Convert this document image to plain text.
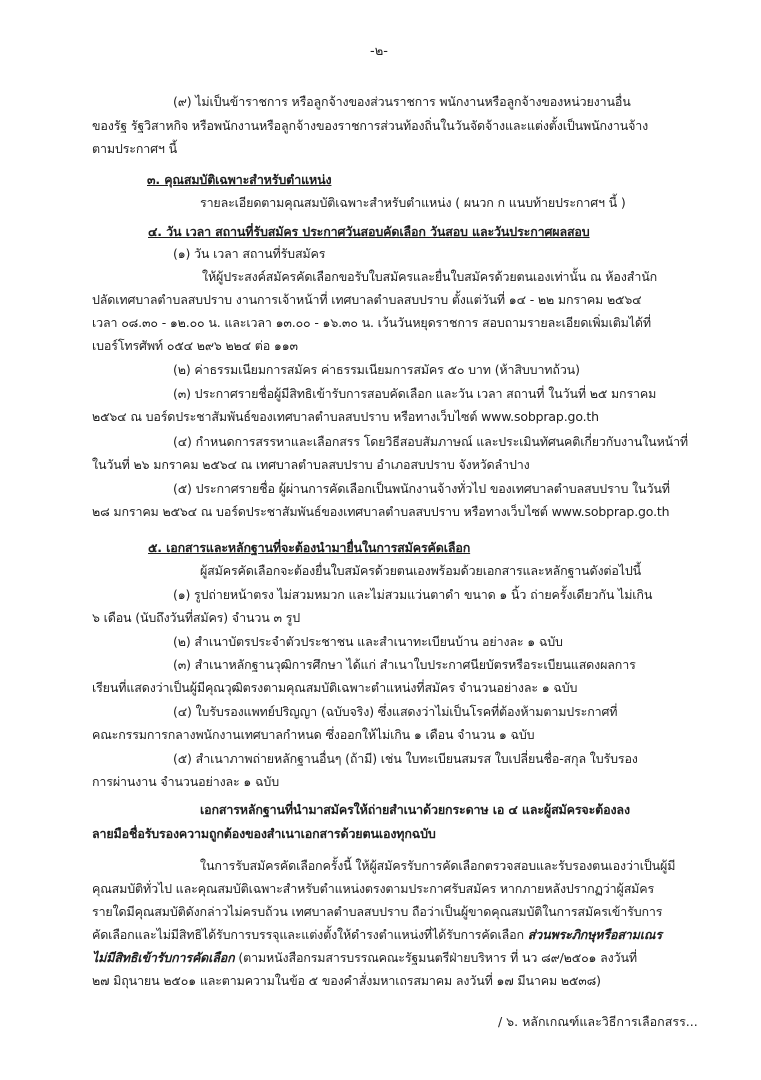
-๒-
(๙) ไม่เป็นข้าราชการ หรือลูกจ้างของส่วนราชการ พนักงานหรือลูกจ้างของหน่วยงานอื่น
ของรัฐ รัฐวิสาหกิจ หรือพนักงานหรือลูกจ้างของราชการส่วนท้องถิ่นในวันจัดจ้างและแต่งตั้งเป็นพนักงานจ้าง
ตามประกาศฯ นี้
๓. คุณสมบัติเฉพาะสำหรับตำแหน่ง
รายละเอียดตามคุณสมบัติเฉพาะสำหรับตำแหน่ง ( ผนวก ก แนบท้ายประกาศฯ นี้ )
๔. วัน เวลา สถานที่รับสมัคร ประกาศวันสอบคัดเลือก วันสอบ และวันประกาศผลสอบ
(๑) วัน เวลา สถานที่รับสมัคร
ให้ผู้ประสงค์สมัครคัดเลือกขอรับใบสมัครและยื่นใบสมัครด้วยตนเองเท่านั้น ณ ห้องสำนัก
ปลัดเทศบาลตำบลสบปราบ งานการเจ้าหน้าที่ เทศบาลตำบลสบปราบ ตั้งแต่วันที่ ๑๔ - ๒๒ มกราคม ๒๕๖๔
เวลา ๐๘.๓๐ - ๑๒.๐๐ น. และเวลา ๑๓.๐๐ - ๑๖.๓๐ น. เว้นวันหยุดราชการ สอบถามรายละเอียดเพิ่มเติมได้ที่
เบอร์โทรศัพท์ ๐๕๔ ๒๙๖ ๒๒๔ ต่อ ๑๑๓
(๒) ค่าธรรมเนียมการสมัคร ค่าธรรมเนียมการสมัคร ๕๐ บาท (ห้าสิบบาทถ้วน)
(๓) ประกาศรายชื่อผู้มีสิทธิเข้ารับการสอบคัดเลือก และวัน เวลา สถานที่ ในวันที่ ๒๕ มกราคม
๒๕๖๔ ณ บอร์ดประชาสัมพันธ์ของเทศบาลตำบลสบปราบ หรือทางเว็บไซต์ www.sobprap.go.th
(๔) กำหนดการสรรหาและเลือกสรร โดยวิธีสอบสัมภาษณ์ และประเมินทัศนคติเกี่ยวกับงานในหน้าที่
ในวันที่ ๒๖ มกราคม ๒๕๖๔ ณ เทศบาลตำบลสบปราบ อำเภอสบปราบ จังหวัดลำปาง
(๕) ประกาศรายชื่อ ผู้ผ่านการคัดเลือกเป็นพนักงานจ้างทั่วไป ของเทศบาลตำบลสบปราบ ในวันที่
๒๘ มกราคม ๒๕๖๔ ณ บอร์ดประชาสัมพันธ์ของเทศบาลตำบลสบปราบ หรือทางเว็บไซต์ www.sobprap.go.th
๕. เอกสารและหลักฐานที่จะต้องนำมายื่นในการสมัครคัดเลือก
ผู้สมัครคัดเลือกจะต้องยื่นใบสมัครด้วยตนเองพร้อมด้วยเอกสารและหลักฐานดังต่อไปนี้
(๑) รูปถ่ายหน้าตรง ไม่สวมหมวก และไม่สวมแว่นตาดำ ขนาด ๑ นิ้ว ถ่ายครั้งเดียวกัน ไม่เกิน
๖ เดือน (นับถึงวันที่สมัคร) จำนวน ๓ รูป
(๒) สำเนาบัตรประจำตัวประชาชน และสำเนาทะเบียนบ้าน อย่างละ ๑ ฉบับ
(๓) สำเนาหลักฐานวุฒิการศึกษา ได้แก่ สำเนาใบประกาศนียบัตรหรือระเบียนแสดงผลการ
เรียนที่แสดงว่าเป็นผู้มีคุณวุฒิตรงตามคุณสมบัติเฉพาะตำแหน่งที่สมัคร จำนวนอย่างละ ๑ ฉบับ
(๔) ใบรับรองแพทย์ปริญญา (ฉบับจริง) ซึ่งแสดงว่าไม่เป็นโรคที่ต้องห้ามตามประกาศที่
คณะกรรมการกลางพนักงานเทศบาลกำหนด ซึ่งออกให้ไม่เกิน ๑ เดือน จำนวน ๑ ฉบับ
(๕) สำเนาภาพถ่ายหลักฐานอื่นๆ (ถ้ามี) เช่น ใบทะเบียนสมรส ใบเปลี่ยนชื่อ-สกุล ใบรับรอง
การผ่านงาน จำนวนอย่างละ ๑ ฉบับ
เอกสารหลักฐานที่นำมาสมัครให้ถ่ายสำเนาด้วยกระดาษ เอ ๔ และผู้สมัครจะต้องลง
ลายมือชื่อรับรองความถูกต้องของสำเนาเอกสารด้วยตนเองทุกฉบับ
ในการรับสมัครคัดเลือกครั้งนี้ ให้ผู้สมัครรับการคัดเลือกตรวจสอบและรับรองตนเองว่าเป็นผู้มี
คุณสมบัติทั่วไป และคุณสมบัติเฉพาะสำหรับตำแหน่งตรงตามประกาศรับสมัคร หากภายหลังปรากฏว่าผู้สมัคร
รายใดมีคุณสมบัติดังกล่าวไม่ครบถ้วน เทศบาลตำบลสบปราบ ถือว่าเป็นผู้ขาดคุณสมบัติในการสมัครเข้ารับการ
คัดเลือกและไม่มีสิทธิได้รับการบรรจุและแต่งตั้งให้ดำรงตำแหน่งที่ได้รับการคัดเลือก ส่วนพระภิกษุหรือสามเณร
ไม่มีสิทธิเข้ารับการคัดเลือก (ตามหนังสือกรมสารบรรณคณะรัฐมนตรีฝ่ายบริหาร ที่ นว ๘๙/๒๕๐๑ ลงวันที่
๒๗ มิถุนายน ๒๕๐๑ และตามความในข้อ ๕ ของคำสั่งมหาเถรสมาคม ลงวันที่ ๑๗ มีนาคม ๒๕๓๘)
/ ๖. หลักเกณฑ์และวิธีการเลือกสรร...
